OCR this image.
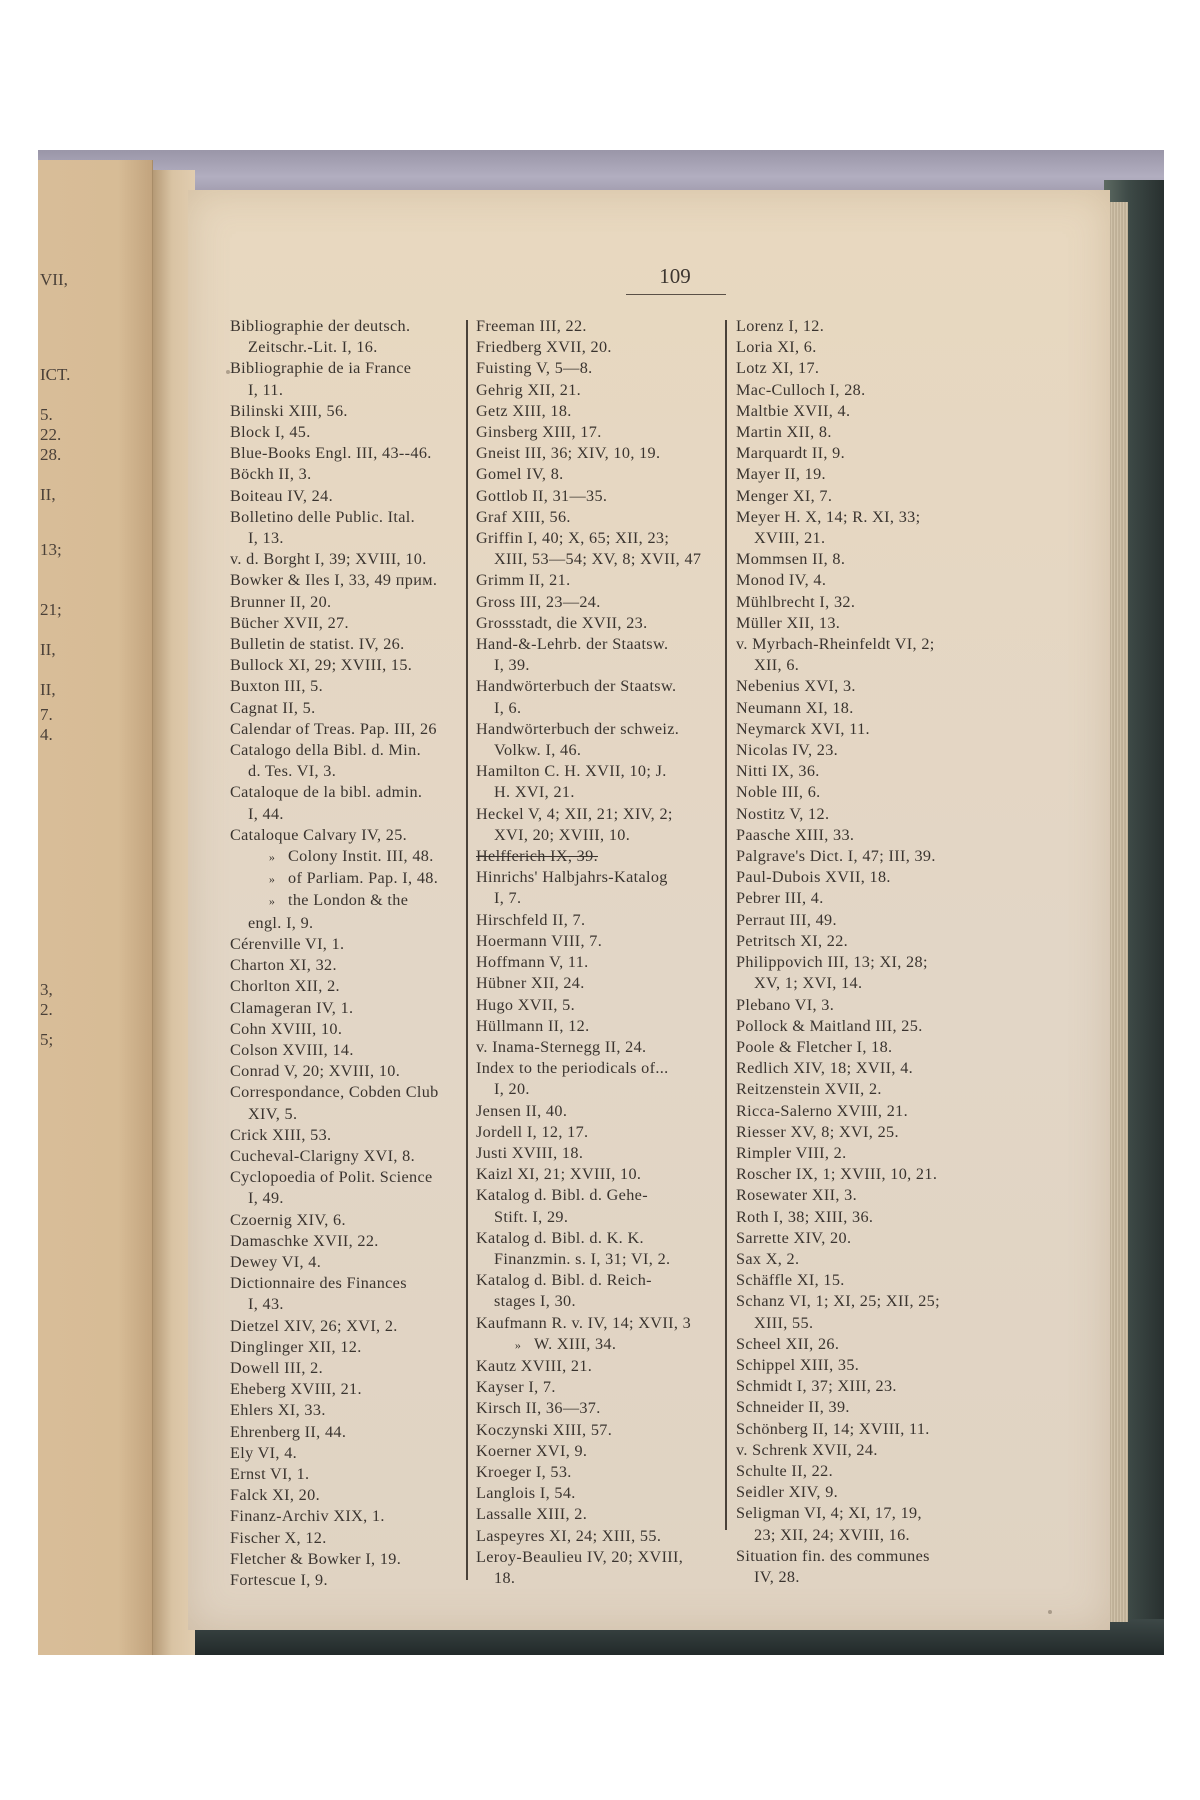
VII,
ICT.
5.
22.
28.
II,
13;
21;
II,
II,
7.
4.
3,
2.
5;
109
Bibliographie der deutsch.
Zeitschr.-Lit. I, 16.
Bibliographie de ia France
I, 11.
Bilinski XIII, 56.
Block I, 45.
Blue-Books Engl. III, 43--46.
Böckh II, 3.
Boiteau IV, 24.
Bolletino delle Public. Ital.
I, 13.
v. d. Borght I, 39; XVIII, 10.
Bowker & Iles I, 33, 49 прим.
Brunner II, 20.
Bücher XVII, 27.
Bulletin de statist. IV, 26.
Bullock XI, 29; XVIII, 15.
Buxton III, 5.
Cagnat II, 5.
Calendar of Treas. Pap. III, 26
Catalogo della Bibl. d. Min.
d. Tes. VI, 3.
Cataloque de la bibl. admin.
I, 44.
Cataloque Calvary IV, 25.
» Colony Instit. III, 48.
» of Parliam. Pap. I, 48.
» the London & the
engl. I, 9.
Cérenville VI, 1.
Charton XI, 32.
Chorlton XII, 2.
Clamageran IV, 1.
Cohn XVIII, 10.
Colson XVIII, 14.
Conrad V, 20; XVIII, 10.
Correspondance, Cobden Club
XIV, 5.
Crick XIII, 53.
Cucheval-Clarigny XVI, 8.
Cyclopoedia of Polit. Science
I, 49.
Czoernig XIV, 6.
Damaschke XVII, 22.
Dewey VI, 4.
Dictionnaire des Finances
I, 43.
Dietzel XIV, 26; XVI, 2.
Dinglinger XII, 12.
Dowell III, 2.
Eheberg XVIII, 21.
Ehlers XI, 33.
Ehrenberg II, 44.
Ely VI, 4.
Ernst VI, 1.
Falck XI, 20.
Finanz-Archiv XIX, 1.
Fischer X, 12.
Fletcher & Bowker I, 19.
Fortescue I, 9.
Freeman III, 22.
Friedberg XVII, 20.
Fuisting V, 5—8.
Gehrig XII, 21.
Getz XIII, 18.
Ginsberg XIII, 17.
Gneist III, 36; XIV, 10, 19.
Gomel IV, 8.
Gottlob II, 31—35.
Graf XIII, 56.
Griffin I, 40; X, 65; XII, 23;
XIII, 53—54; XV, 8; XVII, 47
Grimm II, 21.
Gross III, 23—24.
Grossstadt, die XVII, 23.
Hand-&-Lehrb. der Staatsw.
I, 39.
Handwörterbuch der Staatsw.
I, 6.
Handwörterbuch der schweiz.
Volkw. I, 46.
Hamilton C. H. XVII, 10; J.
H. XVI, 21.
Heckel V, 4; XII, 21; XIV, 2;
XVI, 20; XVIII, 10.
Helfferich IX, 39.
Hinrichs' Halbjahrs-Katalog
I, 7.
Hirschfeld II, 7.
Hoermann VIII, 7.
Hoffmann V, 11.
Hübner XII, 24.
Hugo XVII, 5.
Hüllmann II, 12.
v. Inama-Sternegg II, 24.
Index to the periodicals of...
I, 20.
Jensen II, 40.
Jordell I, 12, 17.
Justi XVIII, 18.
Kaizl XI, 21; XVIII, 10.
Katalog d. Bibl. d. Gehe-
Stift. I, 29.
Katalog d. Bibl. d. K. K.
Finanzmin. s. I, 31; VI, 2.
Katalog d. Bibl. d. Reich-
stages I, 30.
Kaufmann R. v. IV, 14; XVII, 3
» W. XIII, 34.
Kautz XVIII, 21.
Kayser I, 7.
Kirsch II, 36—37.
Koczynski XIII, 57.
Koerner XVI, 9.
Kroeger I, 53.
Langlois I, 54.
Lassalle XIII, 2.
Laspeyres XI, 24; XIII, 55.
Leroy-Beaulieu IV, 20; XVIII,
18.
Lorenz I, 12.
Loria XI, 6.
Lotz XI, 17.
Mac-Culloch I, 28.
Maltbie XVII, 4.
Martin XII, 8.
Marquardt II, 9.
Mayer II, 19.
Menger XI, 7.
Meyer H. X, 14; R. XI, 33;
XVIII, 21.
Mommsen II, 8.
Monod IV, 4.
Mühlbrecht I, 32.
Müller XII, 13.
v. Myrbach-Rheinfeldt VI, 2;
XII, 6.
Nebenius XVI, 3.
Neumann XI, 18.
Neymarck XVI, 11.
Nicolas IV, 23.
Nitti IX, 36.
Noble III, 6.
Nostitz V, 12.
Paasche XIII, 33.
Palgrave's Dict. I, 47; III, 39.
Paul-Dubois XVII, 18.
Pebrer III, 4.
Perraut III, 49.
Petritsch XI, 22.
Philippovich III, 13; XI, 28;
XV, 1; XVI, 14.
Plebano VI, 3.
Pollock & Maitland III, 25.
Poole & Fletcher I, 18.
Redlich XIV, 18; XVII, 4.
Reitzenstein XVII, 2.
Ricca-Salerno XVIII, 21.
Riesser XV, 8; XVI, 25.
Rimpler VIII, 2.
Roscher IX, 1; XVIII, 10, 21.
Rosewater XII, 3.
Roth I, 38; XIII, 36.
Sarrette XIV, 20.
Sax X, 2.
Schäffle XI, 15.
Schanz VI, 1; XI, 25; XII, 25;
XIII, 55.
Scheel XII, 26.
Schippel XIII, 35.
Schmidt I, 37; XIII, 23.
Schneider II, 39.
Schönberg II, 14; XVIII, 11.
v. Schrenk XVII, 24.
Schulte II, 22.
Seidler XIV, 9.
Seligman VI, 4; XI, 17, 19,
23; XII, 24; XVIII, 16.
Situation fin. des communes
IV, 28.
